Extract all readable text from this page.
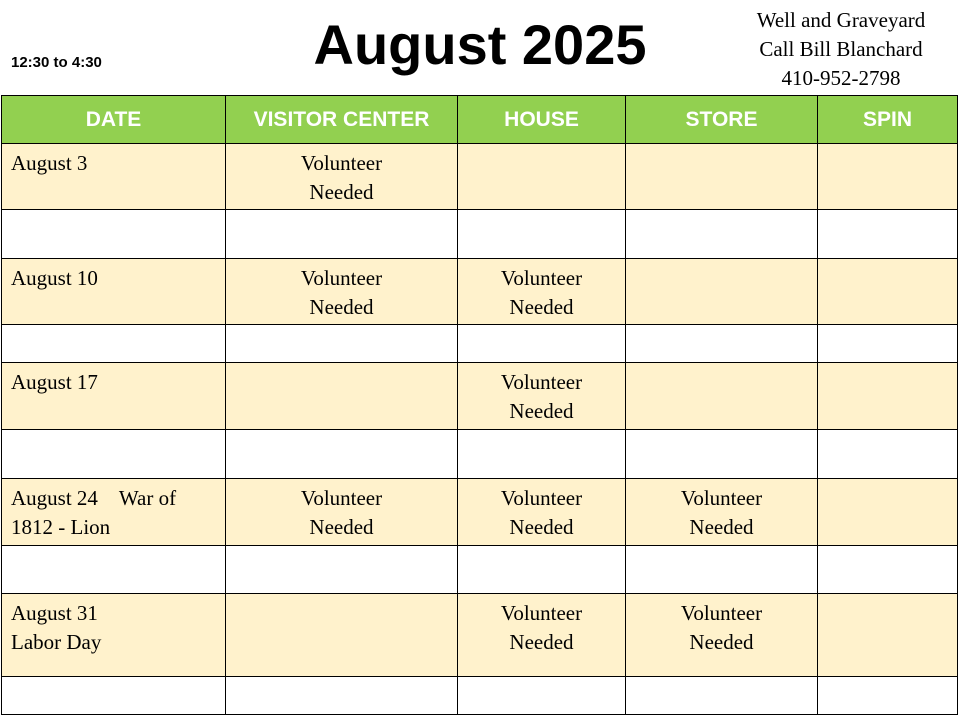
12:30 to 4:30	August 2025	Well and Graveyard
Call Bill Blanchard
410-952-2798
DATE	VISITOR CENTER	HOUSE	STORE	SPIN

August 3	Volunteer
Needed			

August 10	Volunteer
Needed	Volunteer
Needed		

August 17		Volunteer
Needed		

August 24    War of
1812 - Lion	Volunteer
Needed	Volunteer
Needed	Volunteer
Needed	

August 31
Labor Day		Volunteer
Needed	Volunteer
Needed	
